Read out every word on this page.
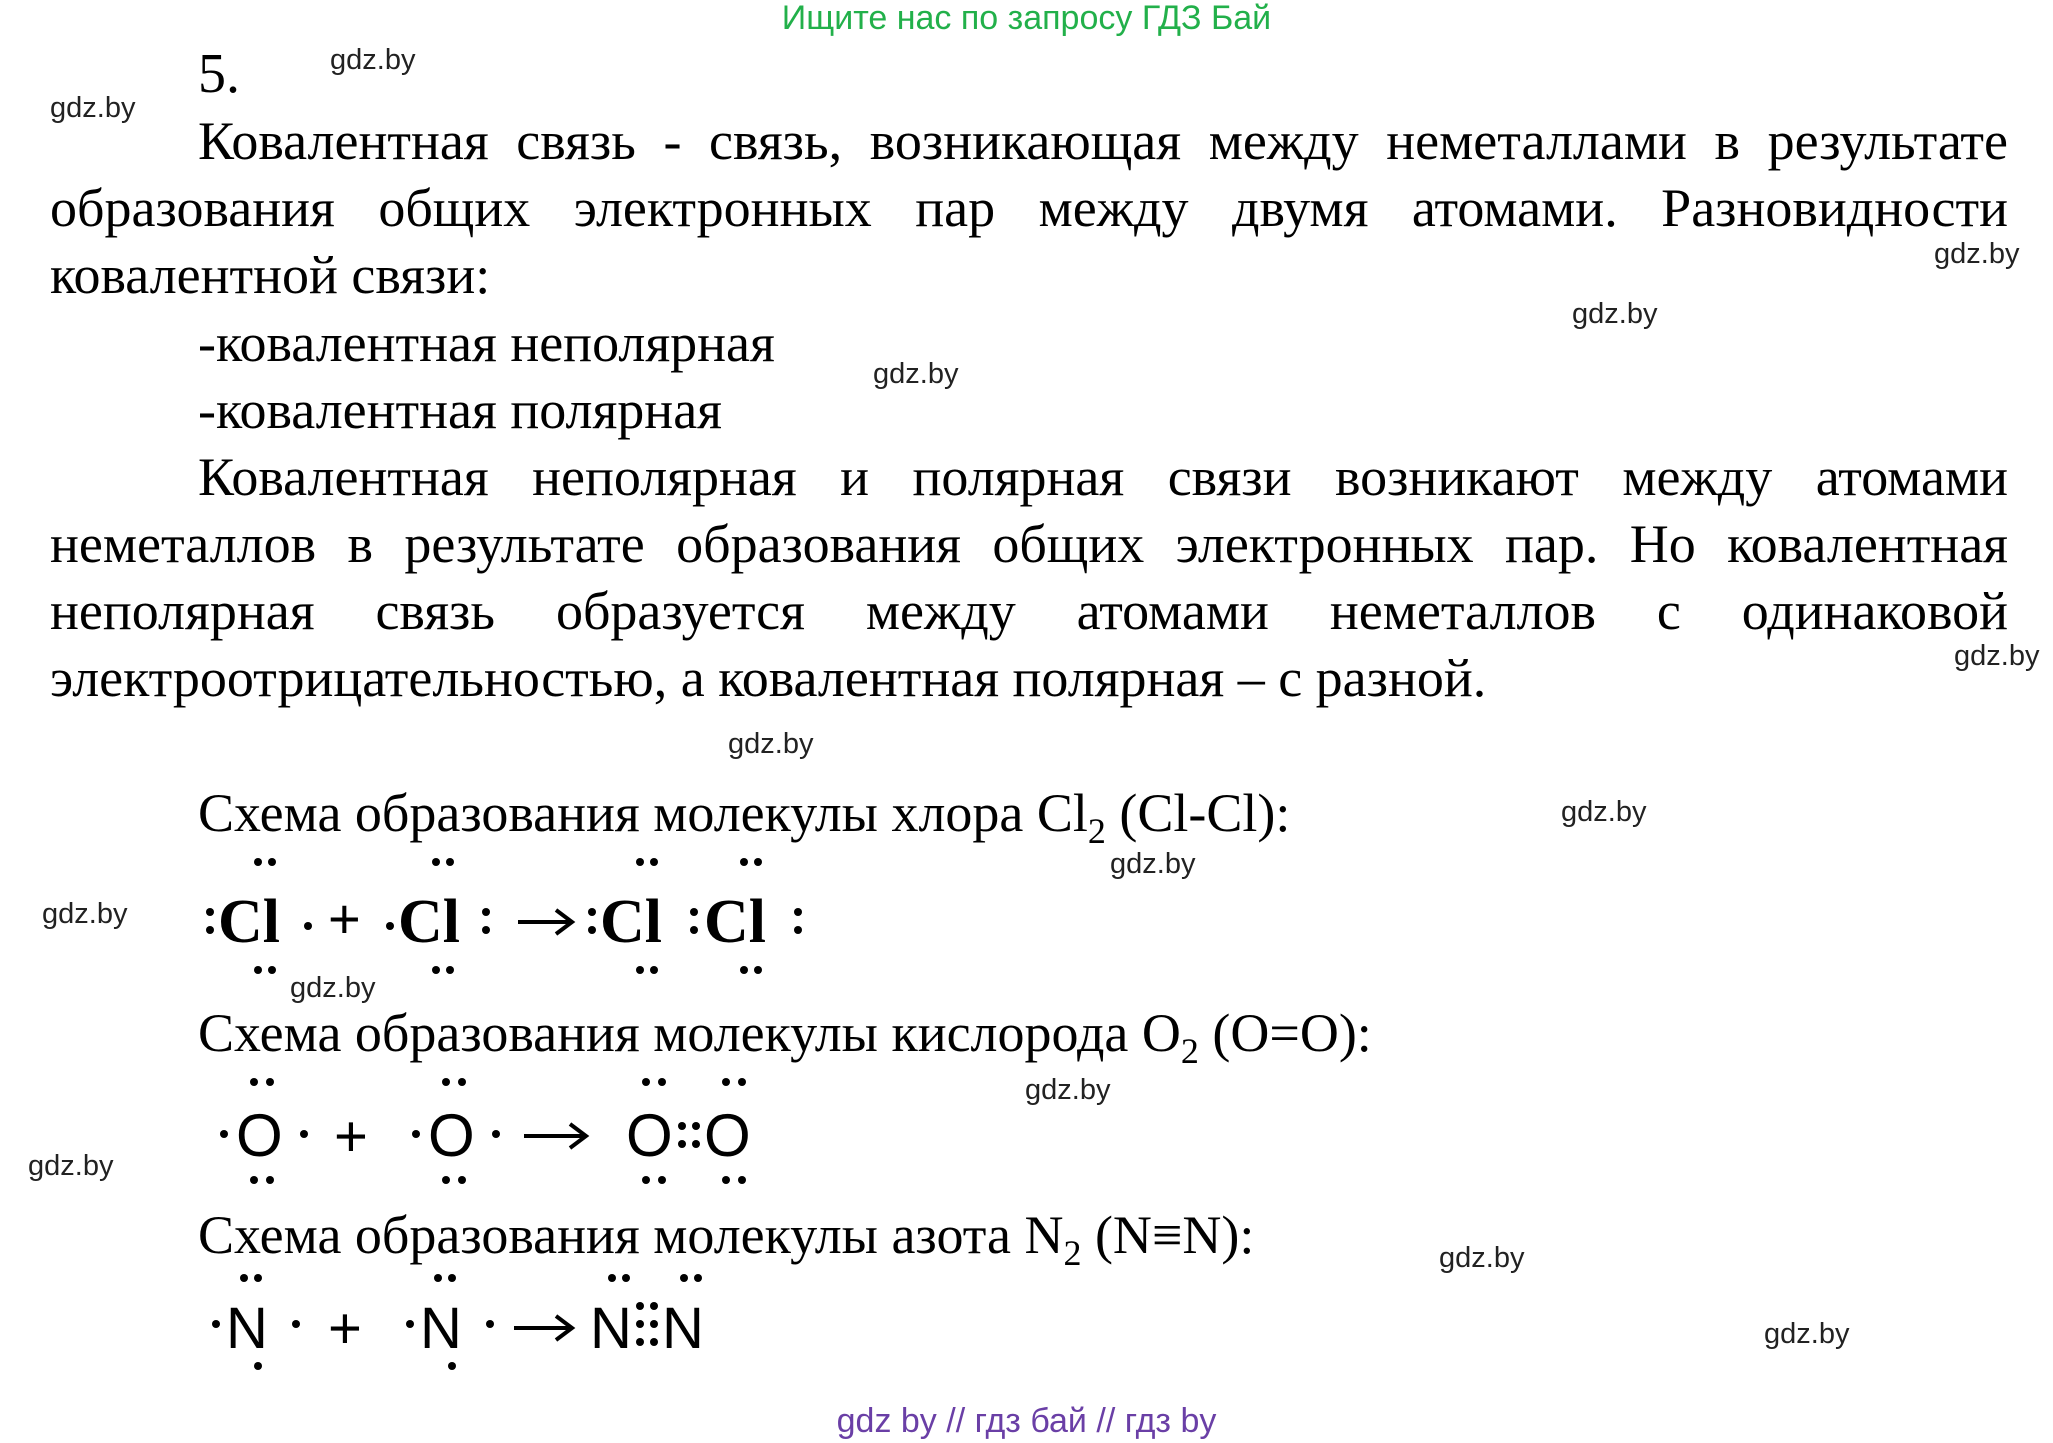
Ищите нас по запросу ГДЗ Бай
gdz.by
gdz.by
gdz.by
gdz.by
gdz.by
gdz.by
gdz.by
gdz.by
gdz.by
gdz.by
gdz.by
gdz.by
gdz.by
gdz.by
gdz.by
5.

Ковалентная связь - связь, возникающая между неметаллами в результате образования общих электронных пар между двумя атомами. Разновидности ковалентной связи:

-ковалентная неполярная
-ковалентная полярная

Ковалентная неполярная и полярная связи возникают между атомами неметаллов в результате образования общих электронных пар. Но ковалентная неполярная связь образуется между атомами неметаллов с одинаковой электроотрицательностью, а ковалентная полярная – с разной.

Схема образования молекулы хлора $Cl_2$ (Cl-Cl):
Cl + Cl Cl Cl
Схема образования молекулы кислорода $O_2$ (O=O):
O + O	O O
Схема образования молекулы азота $N_2$ (N≡N):
N + N N N
gdz by // гдз бай // гдз by
